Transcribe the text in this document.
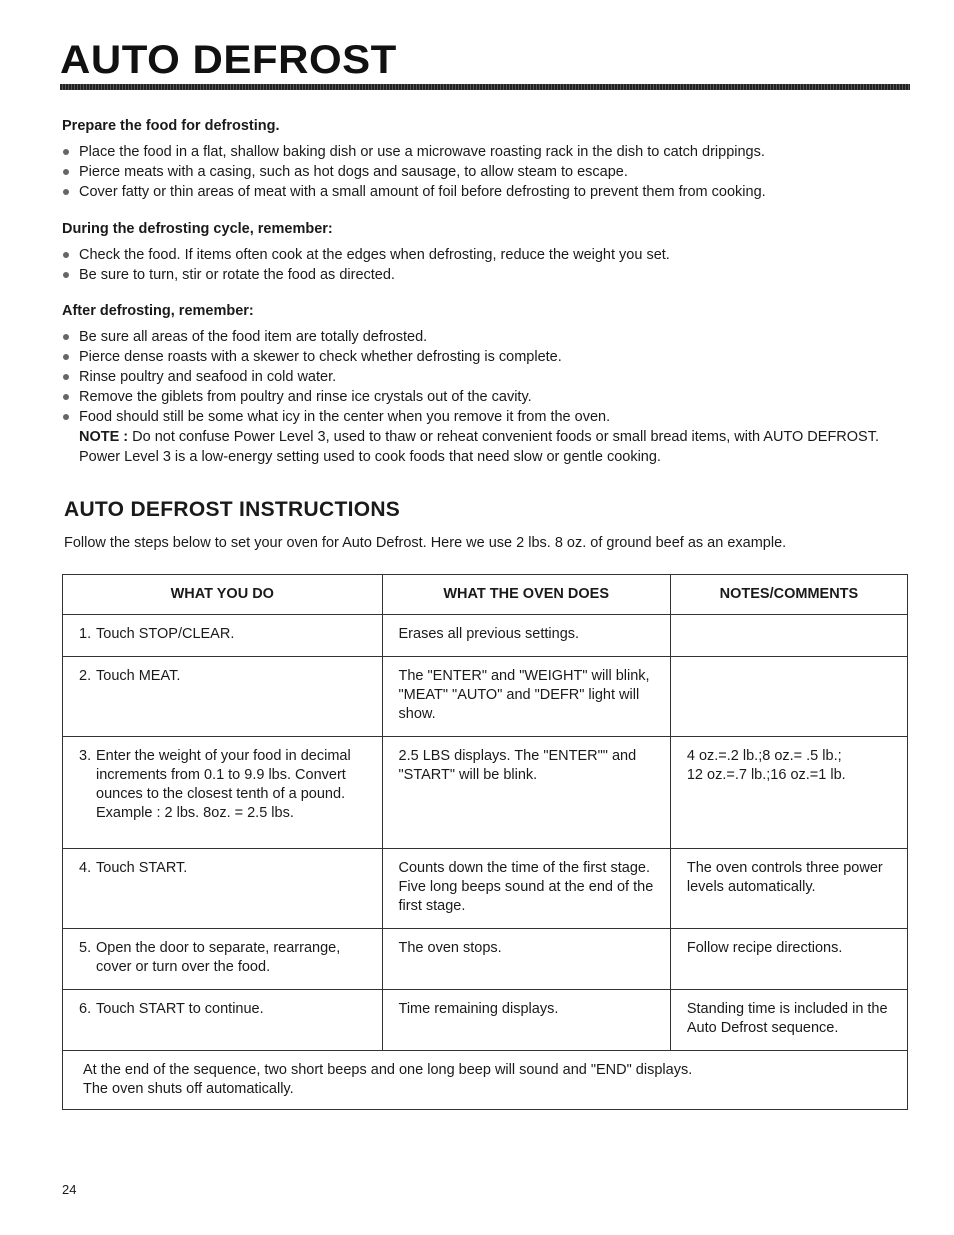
AUTO DEFROST
Prepare the food for defrosting.
Place the food in a flat, shallow baking dish or use a microwave roasting rack in the dish to catch drippings.
Pierce meats with a casing, such as hot dogs and sausage, to allow steam to escape.
Cover fatty or thin areas of meat with a small amount of foil before defrosting to prevent them from cooking.
During the defrosting cycle, remember:
Check the food. If items often cook at the edges when defrosting, reduce the weight you set.
Be sure to turn, stir or rotate the food as directed.
After defrosting, remember:
Be sure all areas of the food item are totally defrosted.
Pierce dense roasts with a skewer to check whether defrosting is complete.
Rinse poultry and seafood in cold water.
Remove the giblets from poultry and rinse ice crystals out of the cavity.
Food should still be some what icy in the center when you remove it from the oven.
NOTE : Do not confuse Power Level 3, used to thaw or reheat convenient foods or small bread items, with AUTO DEFROST. Power Level 3 is a low-energy setting used to cook foods that need slow or gentle cooking.
AUTO DEFROST INSTRUCTIONS
Follow the steps below to set your oven for Auto Defrost. Here we use 2 lbs. 8 oz. of ground beef as an example.
WHAT YOU DO	WHAT THE OVEN DOES	NOTES/COMMENTS

1. Touch STOP/CLEAR.	Erases all previous settings.	

2. Touch MEAT.	The "ENTER" and "WEIGHT" will blink, "MEAT" "AUTO" and "DEFR" light will show.	

3. Enter the weight of your food in decimal increments from 0.1 to 9.9 lbs. Convert ounces to the closest tenth of a pound.
Example : 2 lbs. 8oz. = 2.5 lbs.	2.5 LBS displays. The "ENTER"" and "START" will be blink.	4 oz.=.2 lb.;8 oz.= .5 lb.;
12 oz.=.7 lb.;16 oz.=1 lb.

4. Touch START.	Counts down the time of the first stage. Five long beeps sound at the end of the first stage.	The oven controls three power levels automatically.

5. Open the door to separate, rearrange, cover or turn over the food.	The oven stops.	Follow recipe directions.

6. Touch START to continue.	Time remaining displays.	Standing time is included in the Auto Defrost sequence.
At the end of the sequence, two short beeps and one long beep will sound and "END" displays.
The oven shuts off automatically.		
24
